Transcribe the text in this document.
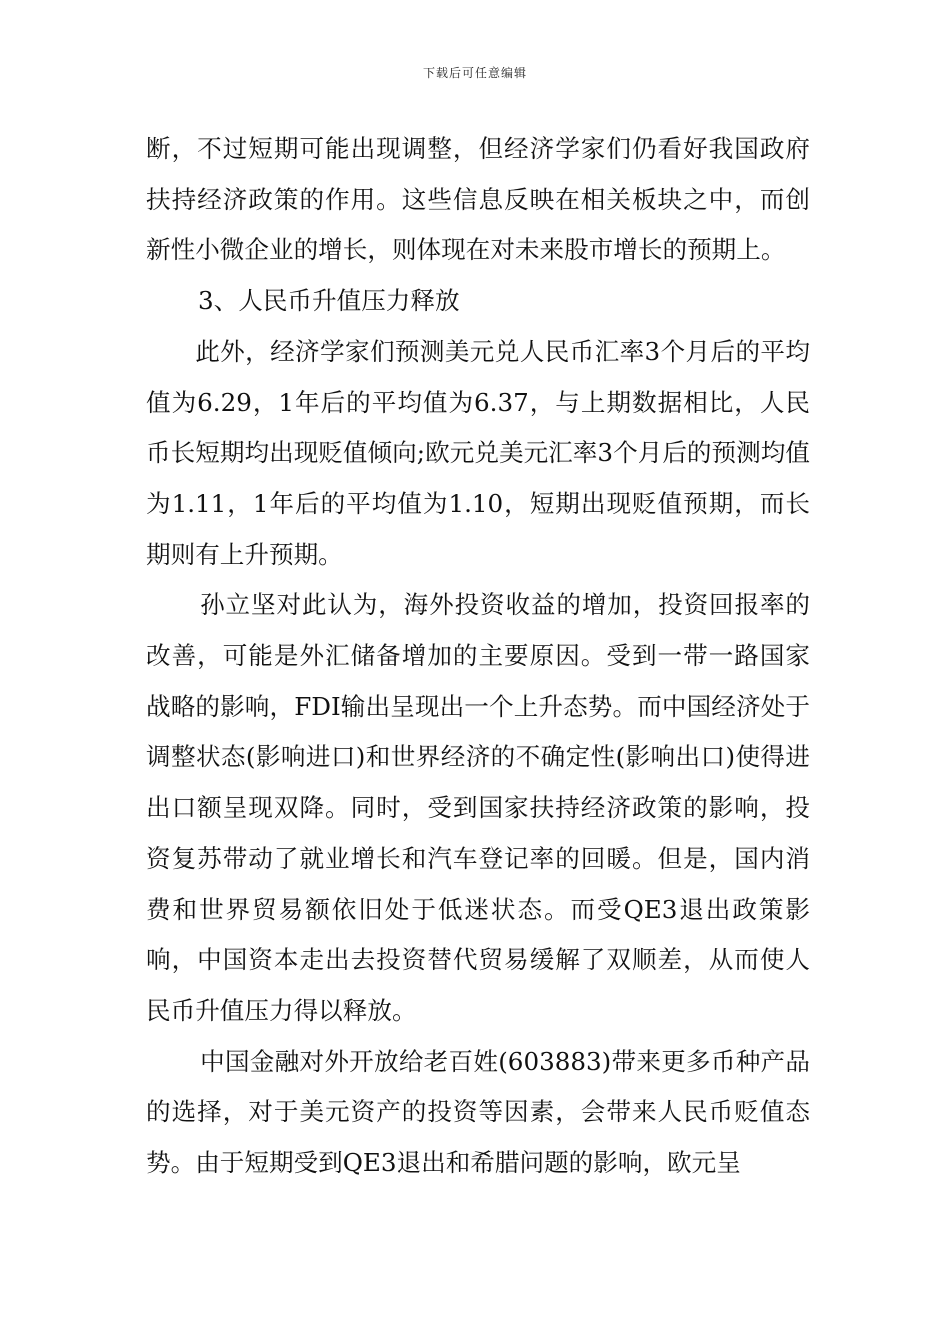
下载后可任意编辑

断，不过短期可能出现调整，但经济学家们仍看好我国政府扶持经济政策的作用。这些信息反映在相关板块之中，而创新性小微企业的增长，则体现在对未来股市增长的预期上。

3、人民币升值压力释放

此外，经济学家们预测美元兑人民币汇率3个月后的平均值为6.29，1年后的平均值为6.37，与上期数据相比，人民币长短期均出现贬值倾向;欧元兑美元汇率3个月后的预测均值为1.11，1年后的平均值为1.10，短期出现贬值预期，而长期则有上升预期。

孙立坚对此认为，海外投资收益的增加，投资回报率的改善，可能是外汇储备增加的主要原因。受到一带一路国家战略的影响，FDI输出呈现出一个上升态势。而中国经济处于调整状态(影响进口)和世界经济的不确定性(影响出口)使得进出口额呈现双降。同时，受到国家扶持经济政策的影响，投资复苏带动了就业增长和汽车登记率的回暖。但是，国内消费和世界贸易额依旧处于低迷状态。而受QE3退出政策影响，中国资本走出去投资替代贸易缓解了双顺差，从而使人民币升值压力得以释放。

中国金融对外开放给老百姓(603883)带来更多币种产品的选择，对于美元资产的投资等因素，会带来人民币贬值态势。由于短期受到QE3退出和希腊问题的影响，欧元呈
